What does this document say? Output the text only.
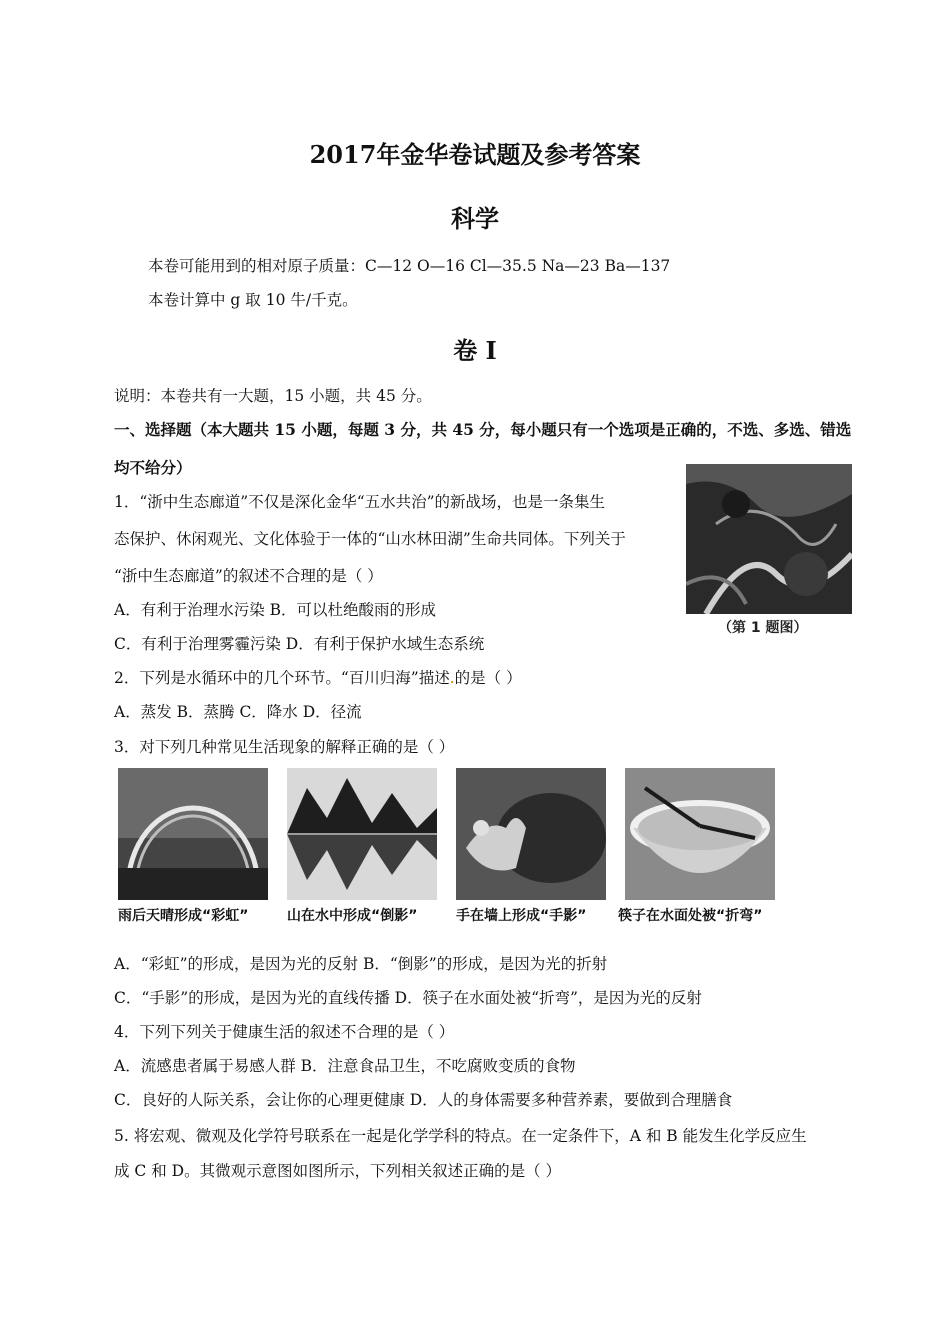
2017年金华卷试题及参考答案
科学
本卷可能用到的相对原子质量：C—12 O—16 Cl—35.5 Na—23 Ba—137
本卷计算中 g 取 10 牛/千克。
卷 Ⅰ
说明：本卷共有一大题，15 小题，共 45 分。
一、选择题（本大题共 15 小题，每题 3 分，共 45 分，每小题只有一个选项是正确的，不选、多选、错选
均不给分）
1．“浙中生态廊道”不仅是深化金华“五水共治”的新战场，也是一条集生
态保护、休闲观光、文化体验于一体的“山水林田湖”生命共同体。下列关于
“浙中生态廊道”的叙述不合理的是（ ）
A．有利于治理水污染 B．可以杜绝酸雨的形成
C．有利于治理雾霾污染 D．有利于保护水域生态系统
（第 1 题图）
2．下列是水循环中的几个环节。“百川归海”描述.的是（ ）
A．蒸发 B．蒸腾 C．降水 D．径流
3．对下列几种常见生活现象的解释正确的是（ ）
雨后天晴形成“彩虹”	山在水中形成“倒影”	手在墙上形成“手影” 筷子在水面处被“折弯”
A．“彩虹”的形成，是因为光的反射 B．“倒影”的形成，是因为光的折射
C．“手影”的形成，是因为光的直线传播 D．筷子在水面处被“折弯”，是因为光的反射
4．下列下列关于健康生活的叙述不合理的是（ ）
A．流感患者属于易感人群 B．注意食品卫生，不吃腐败变质的食物
C．良好的人际关系，会让你的心理更健康 D．人的身体需要多种营养素，要做到合理膳食
5. 将宏观、微观及化学符号联系在一起是化学学科的特点。在一定条件下，A 和 B 能发生化学反应生
成 C 和 D。其微观示意图如图所示，下列相关叙述正确的是（ ）
